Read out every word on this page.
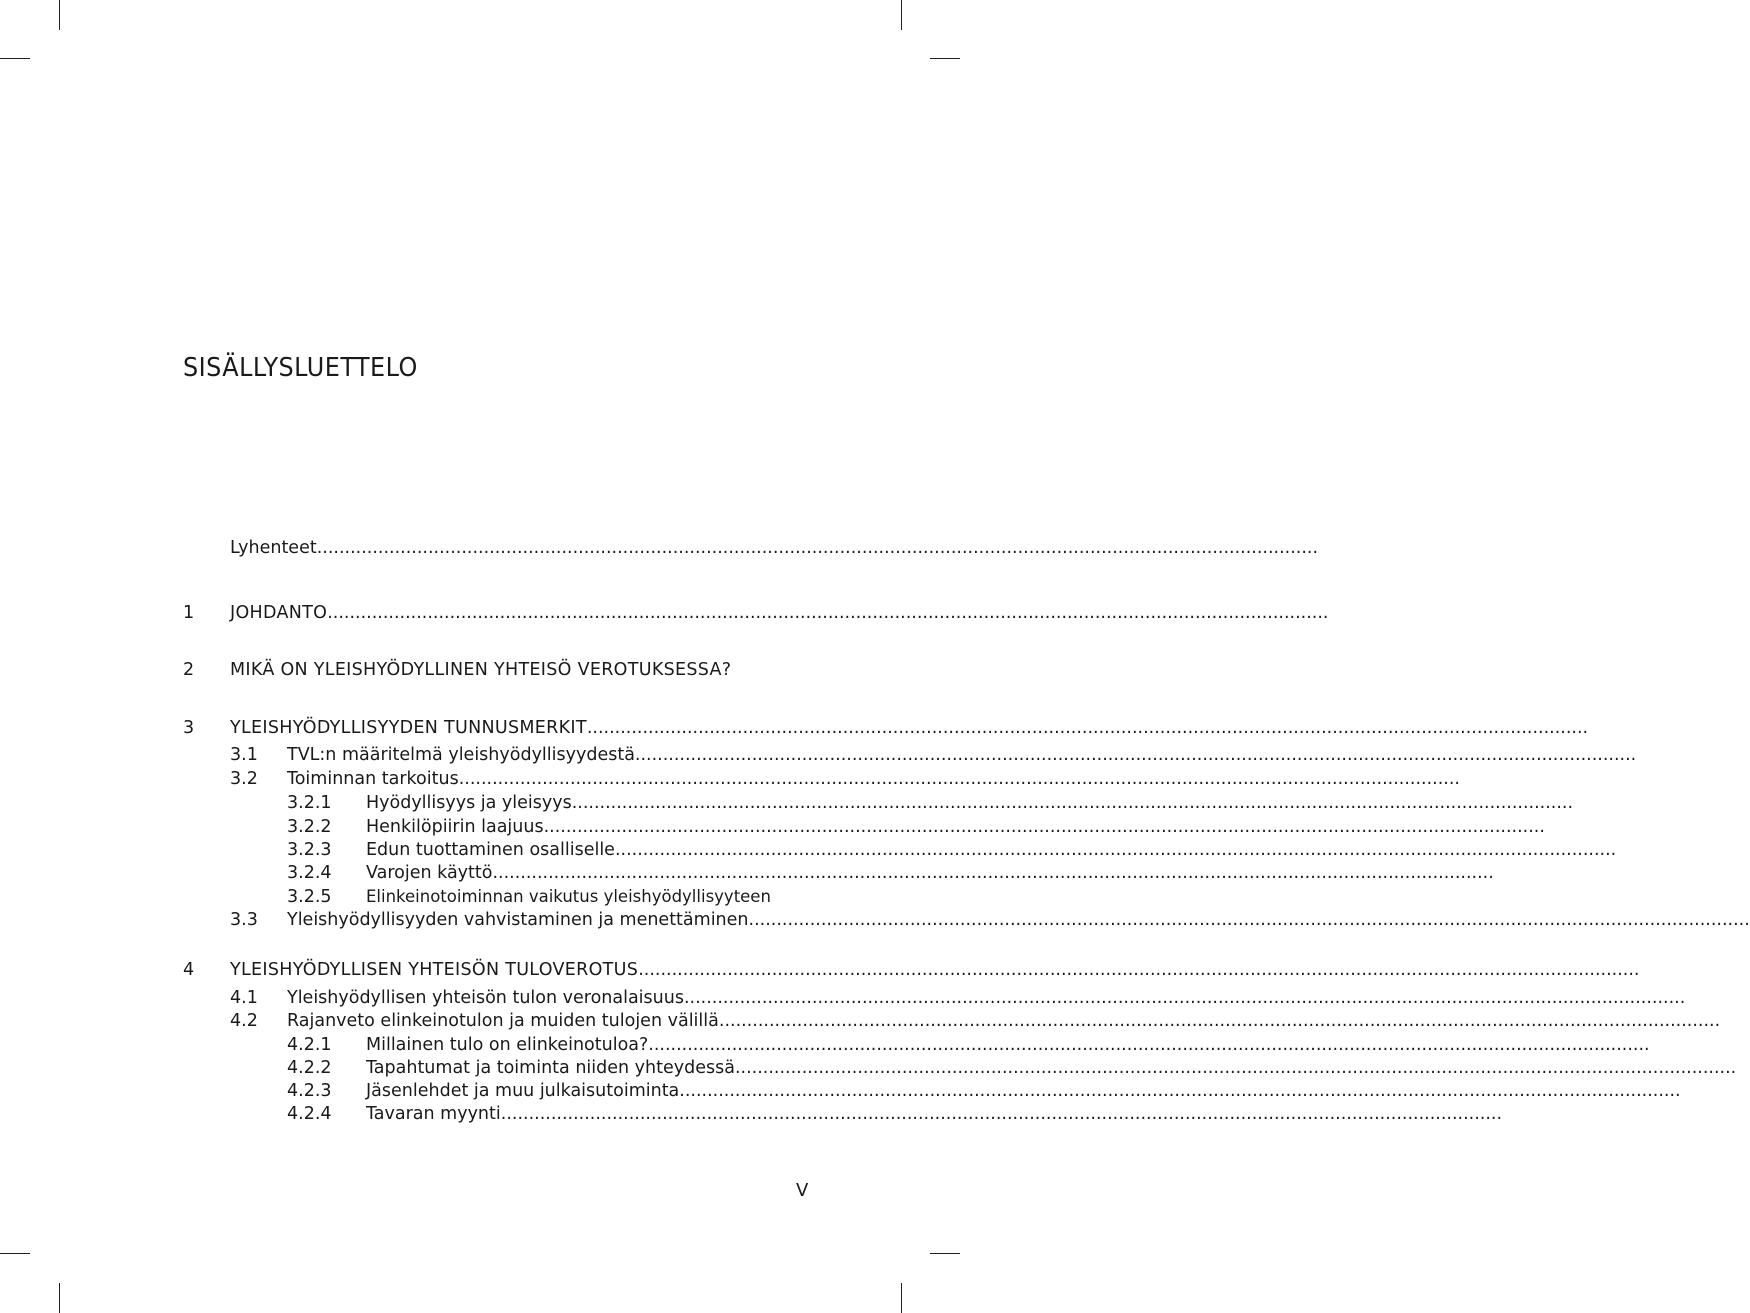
SISÄLLYSLUETTELO
Lyhenteet ....................................................................................................................................................................................
1 JOHDANTO ....................................................................................................................................................................................
2 MIKÄ ON YLEISHYÖDYLLINEN YHTEISÖ VEROTUKSESSA?
3 YLEISHYÖDYLLISYYDEN TUNNUSMERKIT ....................................................................................................................................................................................
3.1 TVL:n määritelmä yleishyödyllisyydestä ....................................................................................................................................................................................
3.2 Toiminnan tarkoitus ....................................................................................................................................................................................
3.2.1 Hyödyllisyys ja yleisyys ....................................................................................................................................................................................
3.2.2 Henkilöpiirin laajuus ....................................................................................................................................................................................
3.2.3 Edun tuottaminen osalliselle ....................................................................................................................................................................................
3.2.4 Varojen käyttö ....................................................................................................................................................................................
3.2.5 Elinkeinotoiminnan vaikutus yleishyödyllisyyteen
3.3 Yleishyödyllisyyden vahvistaminen ja menettäminen ....................................................................................................................................................................................
4 YLEISHYÖDYLLISEN YHTEISÖN TULOVEROTUS ....................................................................................................................................................................................
4.1 Yleishyödyllisen yhteisön tulon veronalaisuus ....................................................................................................................................................................................
4.2 Rajanveto elinkeinotulon ja muiden tulojen välillä ....................................................................................................................................................................................
4.2.1 Millainen tulo on elinkeinotuloa? ....................................................................................................................................................................................
4.2.2 Tapahtumat ja toiminta niiden yhteydessä ....................................................................................................................................................................................
4.2.3 Jäsenlehdet ja muu julkaisutoiminta ....................................................................................................................................................................................
4.2.4 Tavaran myynti ....................................................................................................................................................................................
V
